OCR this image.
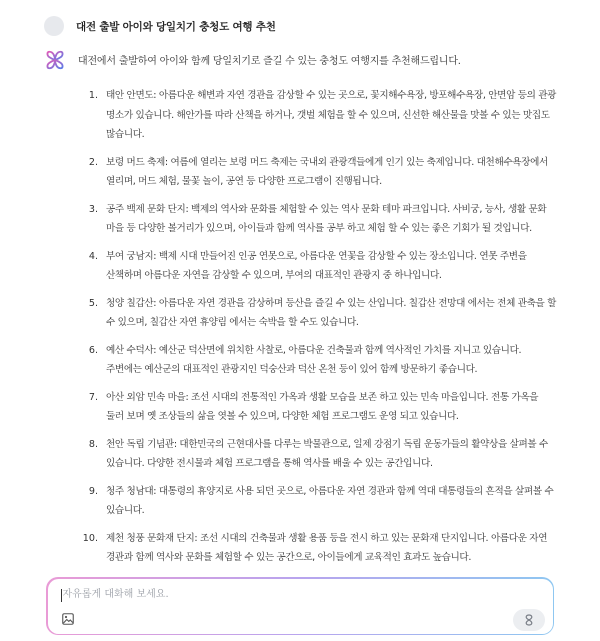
대전 출발 아이와 당일치기 충청도 여행 추천
대전에서 출발하여 아이와 함께 당일치기로 즐길 수 있는 충청도 여행지를 추천해드립니다.
1. 태안 안면도: 아름다운 해변과 자연 경관을 감상할 수 있는 곳으로, 꽃지해수욕장, 방포해수욕장, 안면암 등의 관광 명소가 있습니다. 해안가를 따라 산책을 하거나, 갯벌 체험을 할 수 있으며, 신선한 해산물을 맛볼 수 있는 맛집도 많습니다.
2. 보령 머드 축제: 여름에 열리는 보령 머드 축제는 국내외 관광객들에게 인기 있는 축제입니다. 대천해수욕장에서 열리며, 머드 체험, 물꽃 놀이, 공연 등 다양한 프로그램이 진행됩니다.
3. 공주 백제 문화 단지: 백제의 역사와 문화를 체험할 수 있는 역사 문화 테마 파크입니다. 사비궁, 능사, 생활 문화 마을 등 다양한 볼거리가 있으며, 아이들과 함께 역사를 공부 하고 체험 할 수 있는 좋은 기회가 될 것입니다.
4. 부여 궁남지: 백제 시대 만들어진 인공 연못으로, 아름다운 연꽃을 감상할 수 있는 장소입니다. 연못 주변을 산책하며 아름다운 자연을 감상할 수 있으며, 부여의 대표적인 관광지 중 하나입니다.
5. 청양 칠갑산: 아름다운 자연 경관을 감상하며 등산을 즐길 수 있는 산입니다. 칠갑산 전망대 에서는 전체 관축을 할 수 있으며, 칠갑산 자연 휴양림 에서는 숙박을 할 수도 있습니다.
6. 예산 수덕사: 예산군 덕산면에 위치한 사찰로, 아름다운 건축물과 함께 역사적인 가치를 지니고 있습니다. 주변에는 예산군의 대표적인 관광지인 덕숭산과 덕산 온천 등이 있어 함께 방문하기 좋습니다.
7. 아산 외암 민속 마을: 조선 시대의 전통적인 가옥과 생활 모습을 보존 하고 있는 민속 마을입니다. 전통 가옥을 둘러 보며 옛 조상들의 삶을 엿볼 수 있으며, 다양한 체험 프로그램도 운영 되고 있습니다.
8. 천안 독립 기념관: 대한민국의 근현대사를 다루는 박물관으로, 일제 강점기 독립 운동가들의 활약상을 살펴볼 수 있습니다. 다양한 전시물과 체험 프로그램을 통해 역사를 배울 수 있는 공간입니다.
9. 청주 청남대: 대통령의 휴양지로 사용 되던 곳으로, 아름다운 자연 경관과 함께 역대 대통령들의 흔적을 살펴볼 수 있습니다.
10. 제천 청풍 문화재 단지: 조선 시대의 건축물과 생활 용품 등을 전시 하고 있는 문화재 단지입니다. 아름다운 자연 경관과 함께 역사와 문화를 체험할 수 있는 공간으로, 아이들에게 교육적인 효과도 높습니다.
자유롭게 대화해 보세요.
